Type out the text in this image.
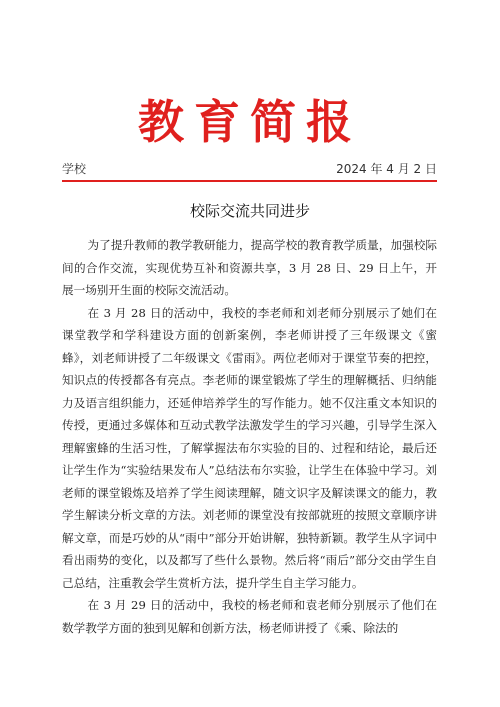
教育简报
学校	2024 年 4 月 2 日
校际交流共同进步

为了提升教师的教学教研能力，提高学校的教育教学质量，加强校际间的合作交流，实现优势互补和资源共享，3 月 28 日、29 日上午，开展一场别开生面的校际交流活动。

在 3 月 28 日的活动中，我校的李老师和刘老师分别展示了她们在课堂教学和学科建设方面的创新案例，李老师讲授了三年级课文《蜜蜂》，刘老师讲授了二年级课文《雷雨》。两位老师对于课堂节奏的把控，知识点的传授都各有亮点。李老师的课堂锻炼了学生的理解概括、归纳能力及语言组织能力，还延伸培养学生的写作能力。她不仅注重文本知识的传授，更通过多媒体和互动式教学法激发学生的学习兴趣，引导学生深入理解蜜蜂的生活习性，了解掌握法布尔实验的目的、过程和结论，最后还让学生作为“实验结果发布人”总结法布尔实验，让学生在体验中学习。刘老师的课堂锻炼及培养了学生阅读理解，随文识字及解读课文的能力，教学生解读分析文章的方法。刘老师的课堂没有按部就班的按照文章顺序讲解文章，而是巧妙的从“雨中”部分开始讲解，独特新颖。教学生从字词中看出雨势的变化，以及都写了些什么景物。然后将“雨后”部分交由学生自己总结，注重教会学生赏析方法，提升学生自主学习能力。

在 3 月 29 日的活动中，我校的杨老师和袁老师分别展示了他们在数学教学方面的独到见解和创新方法，杨老师讲授了《乘、除法的
